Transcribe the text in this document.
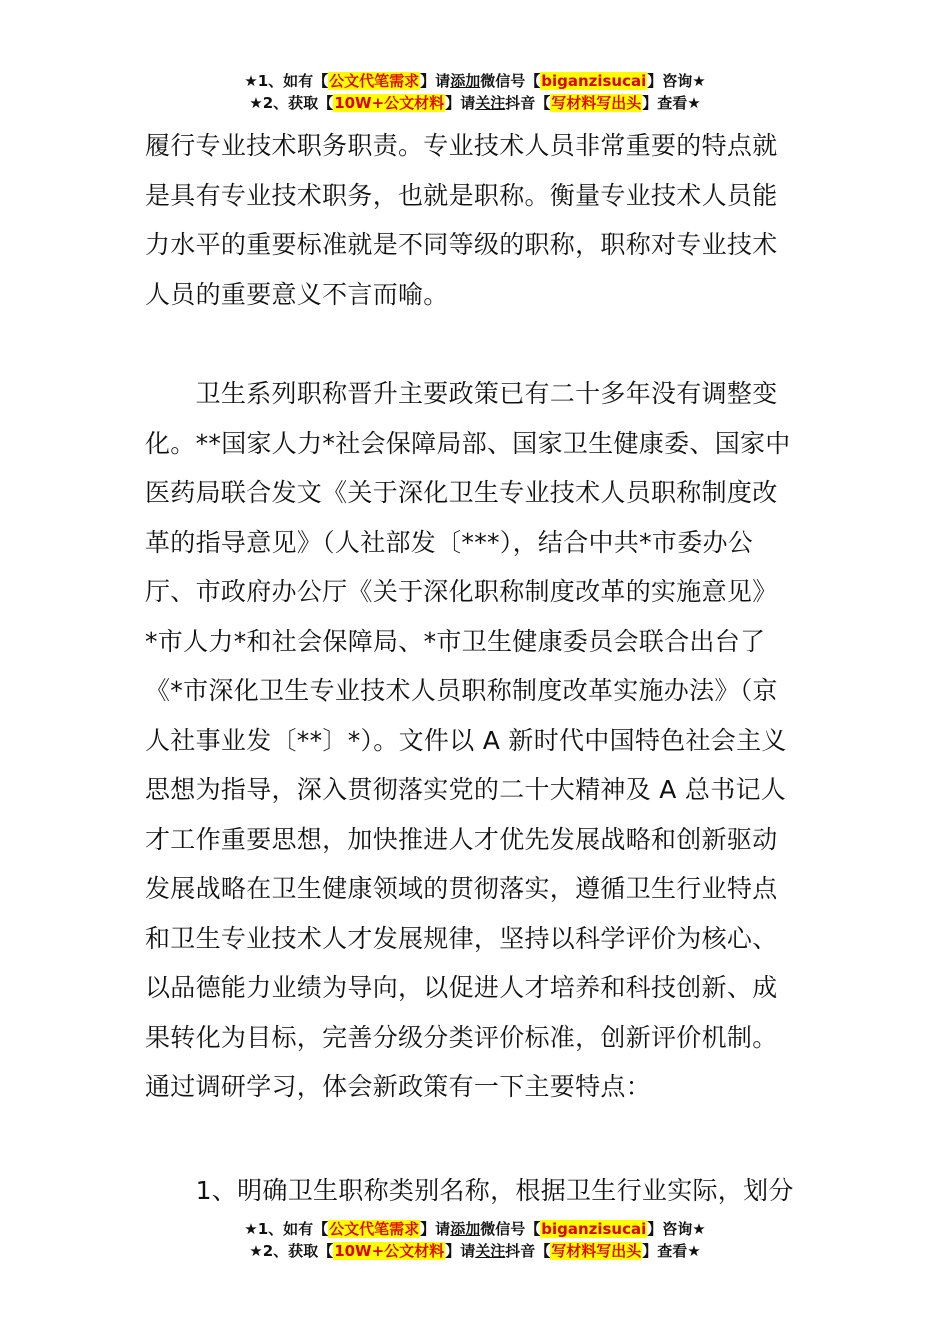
★1、如有【公文代笔需求】请添加微信号【biganzisucai】咨询★
★2、获取【10W+公文材料】请关注抖音【写材料写出头】查看★
履行专业技术职务职责。专业技术人员非常重要的特点就
是具有专业技术职务，也就是职称。衡量专业技术人员能
力水平的重要标准就是不同等级的职称，职称对专业技术
人员的重要意义不言而喻。
　　卫生系列职称晋升主要政策已有二十多年没有调整变
化。**国家人力*社会保障局部、国家卫生健康委、国家中
医药局联合发文《关于深化卫生专业技术人员职称制度改
革的指导意见》（人社部发〔***），结合中共*市委办公
厅、市政府办公厅《关于深化职称制度改革的实施意见》
*市人力*和社会保障局、*市卫生健康委员会联合出台了
《*市深化卫生专业技术人员职称制度改革实施办法》（京
人社事业发〔**〕*）。文件以 A 新时代中国特色社会主义
思想为指导，深入贯彻落实党的二十大精神及 A 总书记人
才工作重要思想，加快推进人才优先发展战略和创新驱动
发展战略在卫生健康领域的贯彻落实，遵循卫生行业特点
和卫生专业技术人才发展规律，坚持以科学评价为核心、
以品德能力业绩为导向，以促进人才培养和科技创新、成
果转化为目标，完善分级分类评价标准，创新评价机制。
通过调研学习，体会新政策有一下主要特点：
　　1、明确卫生职称类别名称，根据卫生行业实际，划分
★1、如有【公文代笔需求】请添加微信号【biganzisucai】咨询★
★2、获取【10W+公文材料】请关注抖音【写材料写出头】查看★
